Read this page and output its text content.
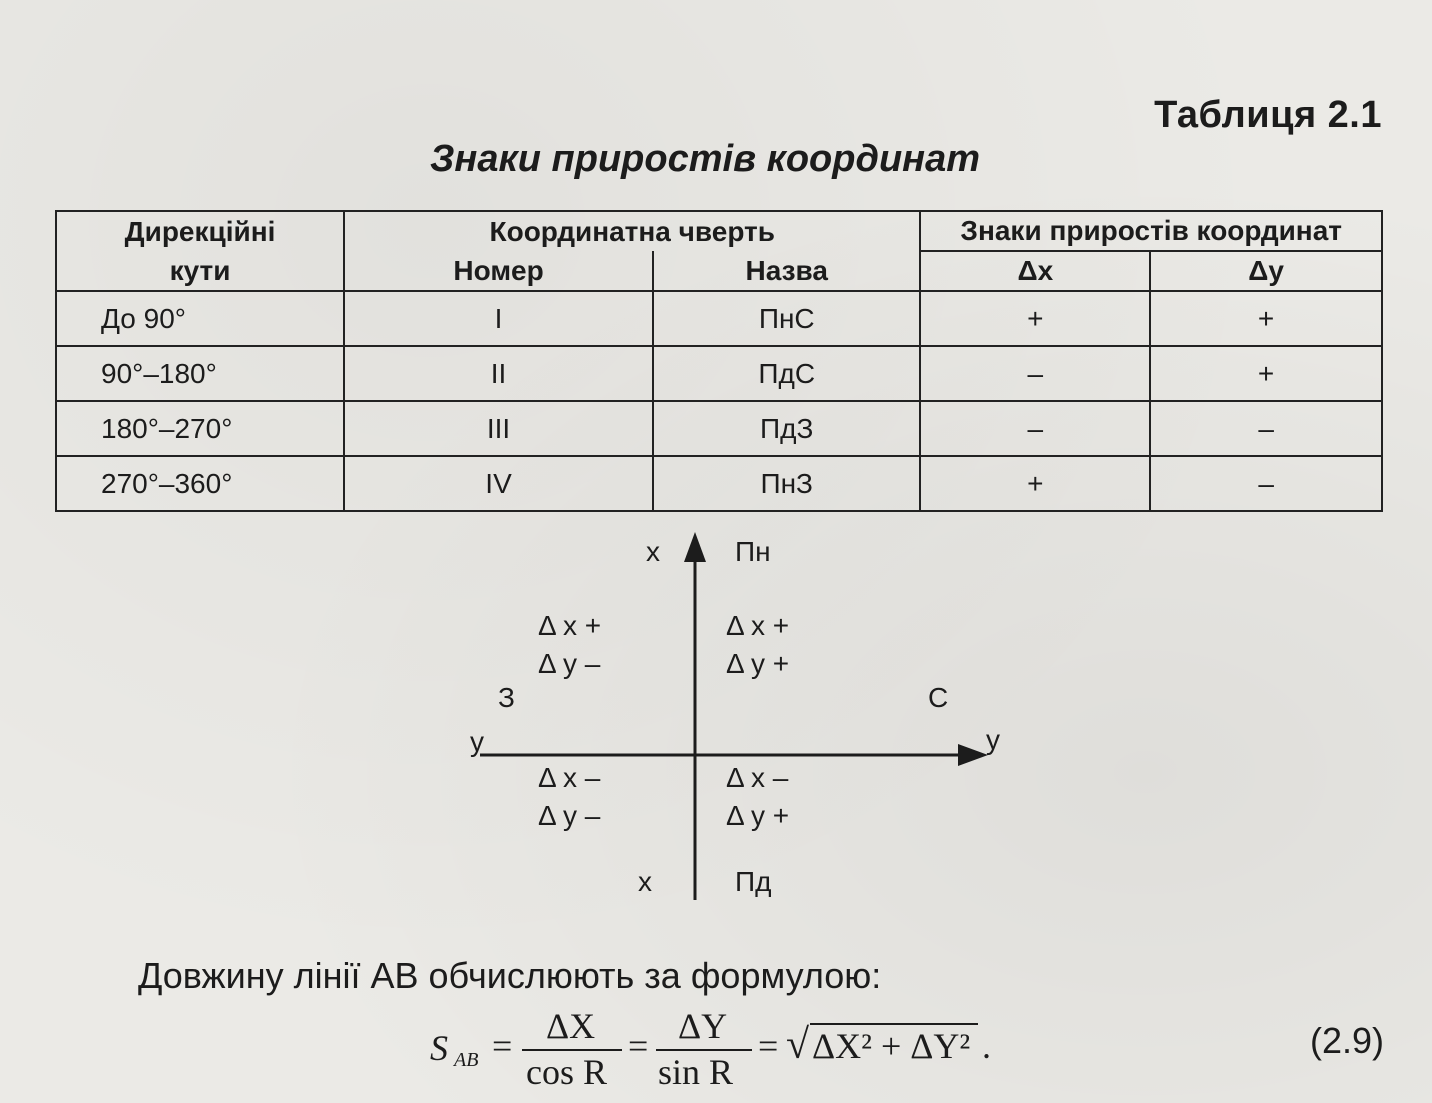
Таблиця 2.1
Знаки приростів координат
Дирекційні	Координатна чверть		Знаки приростів координат	
кути	Номер	Назва	Δx	Δy
До 90°	I	ПнС	+	+
90°–180°	II	ПдС	–	+
180°–270°	III	ПдЗ	–	–
270°–360°	IV	ПнЗ	+	–
x	Пн
x	Пд
З	С
у	у
Δ x +
Δ у –
Δ x +
Δ у +
Δ x –
Δ у –
Δ x –
Δ у +
Довжину лінії AB обчислюють за формулою:
S AB = ΔX
cos R
= ΔY
sin R
= √ ΔX² + ΔY² .	(2.9)
